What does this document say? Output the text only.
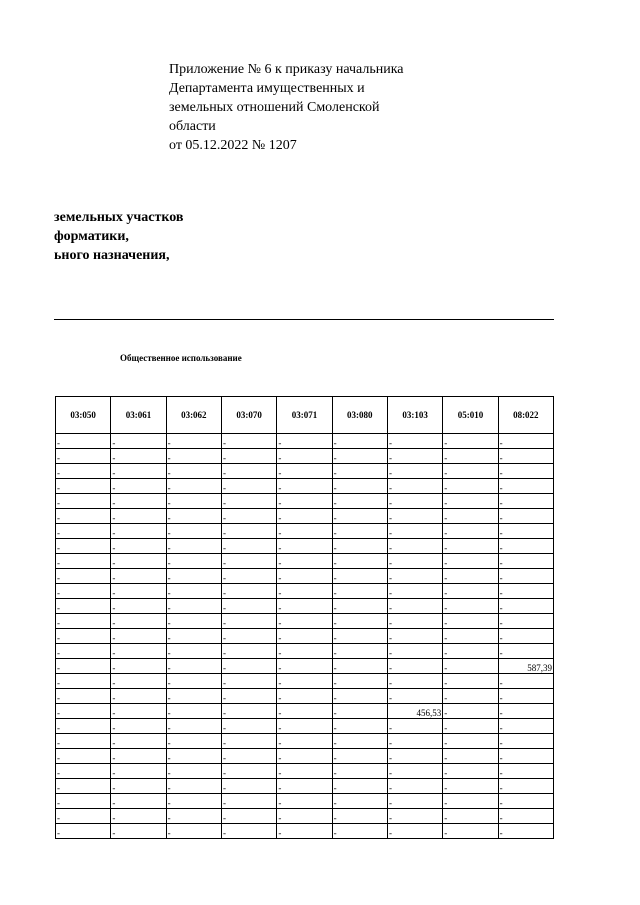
Приложение № 6 к приказу начальника
Департамента имущественных и
земельных отношений Смоленской
области
от 05.12.2022 № 1207
земельных участков
форматики,
ьного назначения,
Общественное использование
03:050	03:061	03:062	03:070	03:071	03:080	03:103	05:010	08:022
-	-	-	-	-	-	-	-	-
-	-	-	-	-	-	-	-	-
-	-	-	-	-	-	-	-	-
-	-	-	-	-	-	-	-	-
-	-	-	-	-	-	-	-	-
-	-	-	-	-	-	-	-	-
-	-	-	-	-	-	-	-	-
-	-	-	-	-	-	-	-	-
-	-	-	-	-	-	-	-	-
-	-	-	-	-	-	-	-	-
-	-	-	-	-	-	-	-	-
-	-	-	-	-	-	-	-	-
-	-	-	-	-	-	-	-	-
-	-	-	-	-	-	-	-	-
-	-	-	-	-	-	-	-	-
-	-	-	-	-	-	-	-	587,39
-	-	-	-	-	-	-	-	-
-	-	-	-	-	-	-	-	-
-	-	-	-	-	-	456,53	-	-
-	-	-	-	-	-	-	-	-
-	-	-	-	-	-	-	-	-
-	-	-	-	-	-	-	-	-
-	-	-	-	-	-	-	-	-
-	-	-	-	-	-	-	-	-
-	-	-	-	-	-	-	-	-
-	-	-	-	-	-	-	-	-
-	-	-	-	-	-	-	-	-
